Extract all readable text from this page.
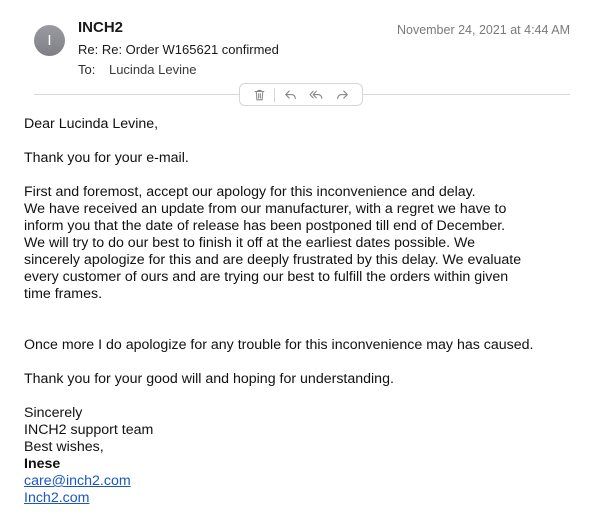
I
INCH2	November 24, 2021 at 4:44 AM
Re: Re: Order W165621 confirmed
To: Lucinda Levine

Dear Lucinda Levine,

Thank you for your e-mail.

First and foremost, accept our apology for this inconvenience and delay.

We have received an update from our manufacturer, with a regret we have to

inform you that the date of release has been postponed till end of December.

We will try to do our best to finish it off at the earliest dates possible. We

sincerely apologize for this and are deeply frustrated by this delay. We evaluate

every customer of ours and are trying our best to fulfill the orders within given

time frames.

Once more I do apologize for any trouble for this inconvenience may has caused.

Thank you for your good will and hoping for understanding.

Sincerely

INCH2 support team

Best wishes,

Inese

care@inch2.com

Inch2.com
